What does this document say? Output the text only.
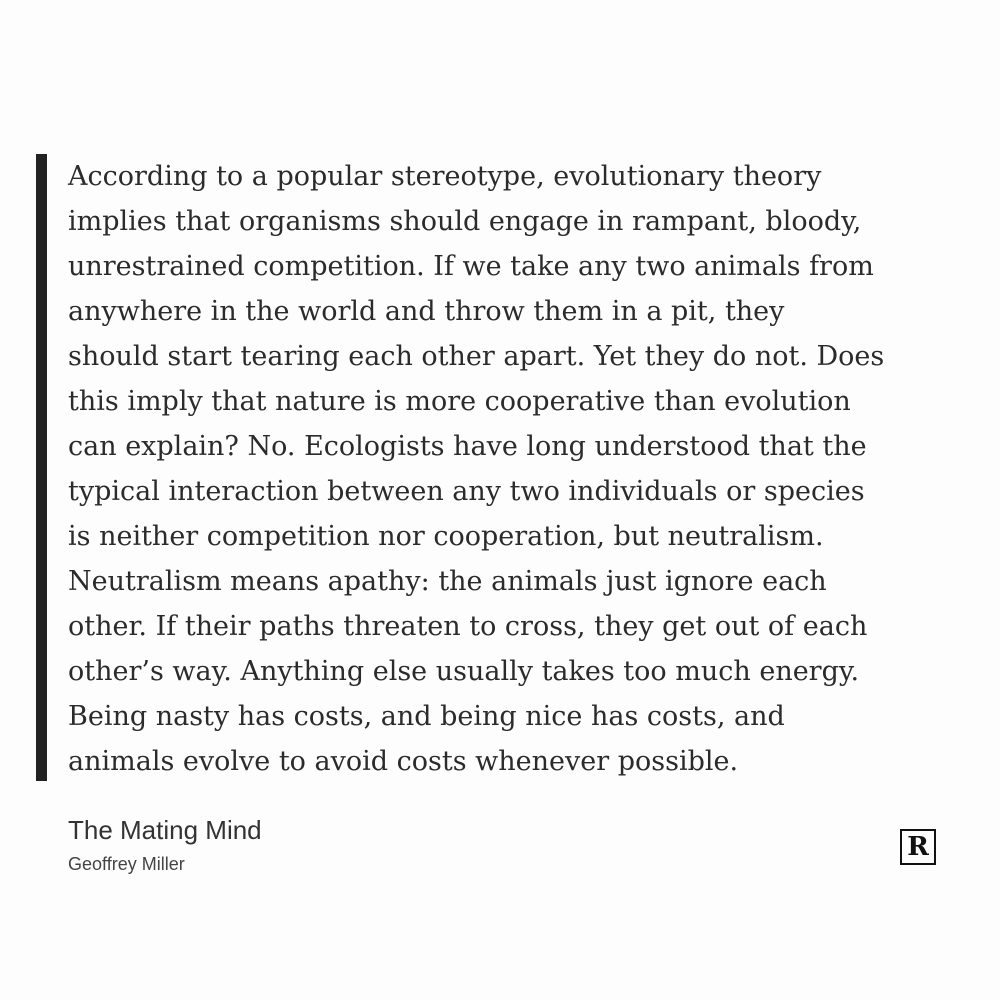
According to a popular stereotype, evolutionary theory
implies that organisms should engage in rampant, bloody,
unrestrained competition. If we take any two animals from
anywhere in the world and throw them in a pit, they
should start tearing each other apart. Yet they do not. Does
this imply that nature is more cooperative than evolution
can explain? No. Ecologists have long understood that the
typical interaction between any two individuals or species
is neither competition nor cooperation, but neutralism.
Neutralism means apathy: the animals just ignore each
other. If their paths threaten to cross, they get out of each
other’s way. Anything else usually takes too much energy.
Being nasty has costs, and being nice has costs, and
animals evolve to avoid costs whenever possible.
The Mating Mind

Geoffrey Miller

R
